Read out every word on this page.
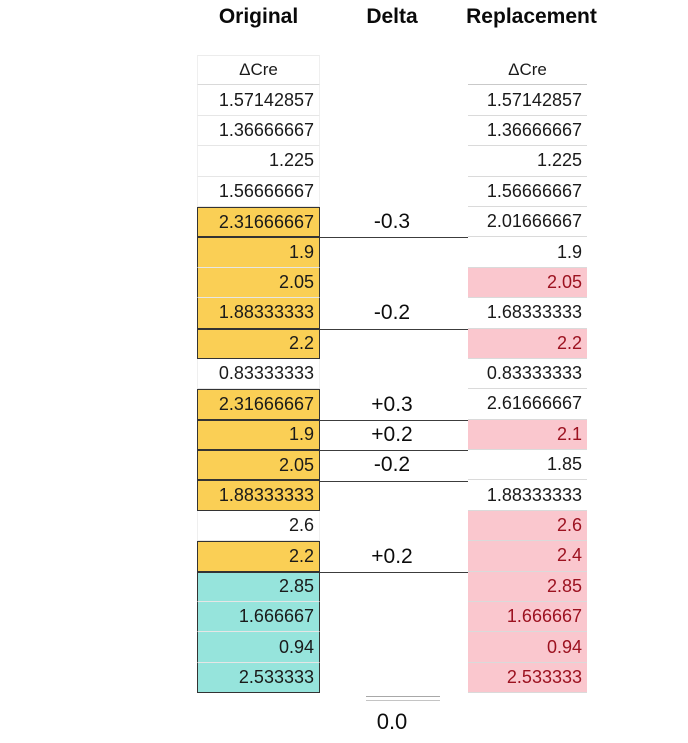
Original	Delta	Replacement
ΔCre
1.57142857
1.36666667
1.225
1.56666667
2.31666667
1.9
2.05
1.88333333
2.2
0.83333333
2.31666667
1.9
2.05
1.88333333
2.6
2.2
2.85
1.666667
0.94
2.533333
ΔCre
1.57142857
1.36666667
1.225
1.56666667
2.01666667
1.9
2.05
1.68333333
2.2
0.83333333
2.61666667
2.1
1.85
1.88333333
2.6
2.4
2.85
1.666667
0.94
2.533333
-0.3
-0.2
+0.3
+0.2
-0.2
+0.2
0.0
